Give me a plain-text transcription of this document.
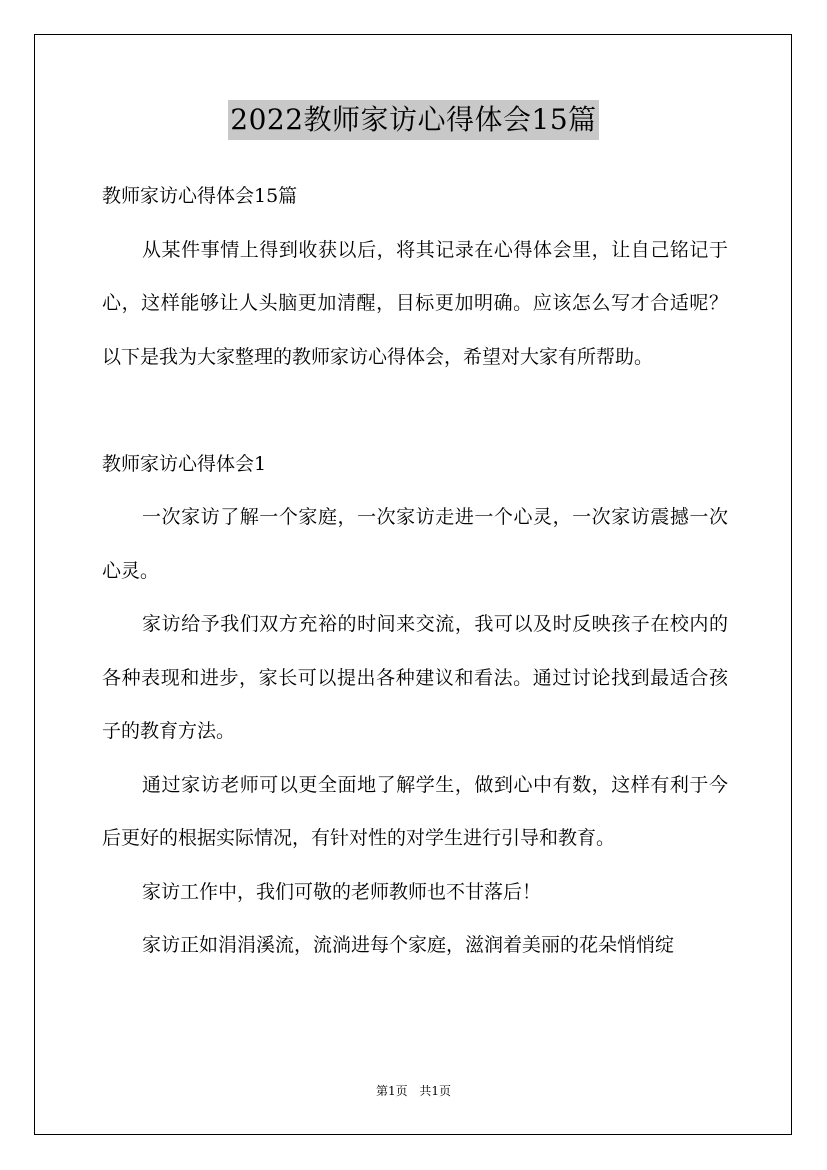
2022教师家访心得体会15篇

教师家访心得体会15篇

从某件事情上得到收获以后，将其记录在心得体会里，让自己铭记于心，这样能够让人头脑更加清醒，目标更加明确。应该怎么写才合适呢？以下是我为大家整理的教师家访心得体会，希望对大家有所帮助。

教师家访心得体会1

一次家访了解一个家庭，一次家访走进一个心灵，一次家访震撼一次心灵。

家访给予我们双方充裕的时间来交流，我可以及时反映孩子在校内的各种表现和进步，家长可以提出各种建议和看法。通过讨论找到最适合孩子的教育方法。

通过家访老师可以更全面地了解学生，做到心中有数，这样有利于今后更好的根据实际情况，有针对性的对学生进行引导和教育。

家访工作中，我们可敬的老师教师也不甘落后！

家访正如涓涓溪流，流淌进每个家庭，滋润着美丽的花朵悄悄绽

第1页 共1页
